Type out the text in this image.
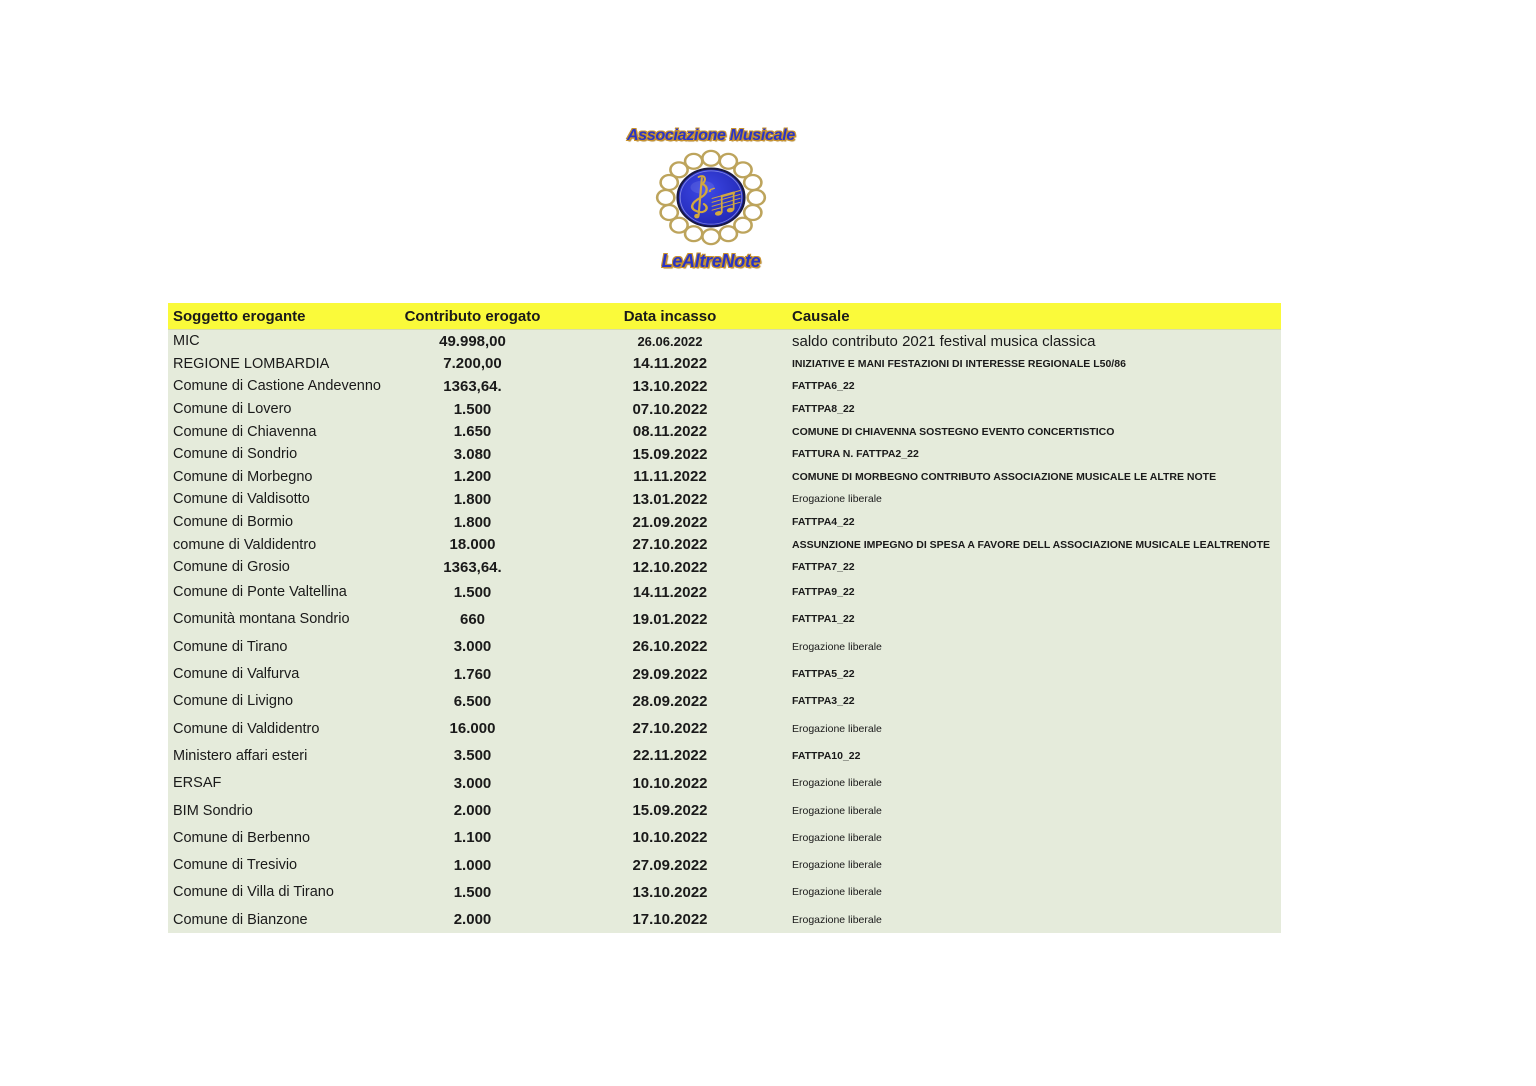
Associazione Musicale
LeAltreNote
Soggetto erogante	Contributo erogato	Data incasso	Causale
MIC	49.998,00	26.06.2022	saldo contributo 2021 festival musica classica
REGIONE LOMBARDIA	7.200,00	14.11.2022	INIZIATIVE E MANI FESTAZIONI DI INTERESSE REGIONALE L50/86
Comune di Castione Andevenno	1363,64.	13.10.2022	FATTPA6_22
Comune di Lovero	1.500	07.10.2022	FATTPA8_22
Comune di Chiavenna	1.650	08.11.2022	COMUNE DI CHIAVENNA SOSTEGNO EVENTO CONCERTISTICO
Comune di Sondrio	3.080	15.09.2022	FATTURA N. FATTPA2_22
Comune di Morbegno	1.200	11.11.2022	COMUNE DI MORBEGNO CONTRIBUTO ASSOCIAZIONE MUSICALE LE ALTRE NOTE
Comune di Valdisotto	1.800	13.01.2022	Erogazione liberale
Comune di Bormio	1.800	21.09.2022	FATTPA4_22
comune di Valdidentro	18.000	27.10.2022	ASSUNZIONE IMPEGNO DI SPESA A FAVORE DELL ASSOCIAZIONE MUSICALE LEALTRENOTE
Comune di Grosio	1363,64.	12.10.2022	FATTPA7_22
Comune di Ponte Valtellina	1.500	14.11.2022	FATTPA9_22
Comunità montana Sondrio	660	19.01.2022	FATTPA1_22
Comune di Tirano	3.000	26.10.2022	Erogazione liberale
Comune di Valfurva	1.760	29.09.2022	FATTPA5_22
Comune di Livigno	6.500	28.09.2022	FATTPA3_22
Comune di Valdidentro	16.000	27.10.2022	Erogazione liberale
Ministero affari esteri	3.500	22.11.2022	FATTPA10_22
ERSAF	3.000	10.10.2022	Erogazione liberale
BIM Sondrio	2.000	15.09.2022	Erogazione liberale
Comune di Berbenno	1.100	10.10.2022	Erogazione liberale
Comune di Tresivio	1.000	27.09.2022	Erogazione liberale
Comune di Villa di Tirano	1.500	13.10.2022	Erogazione liberale
Comune di Bianzone	2.000	17.10.2022	Erogazione liberale
